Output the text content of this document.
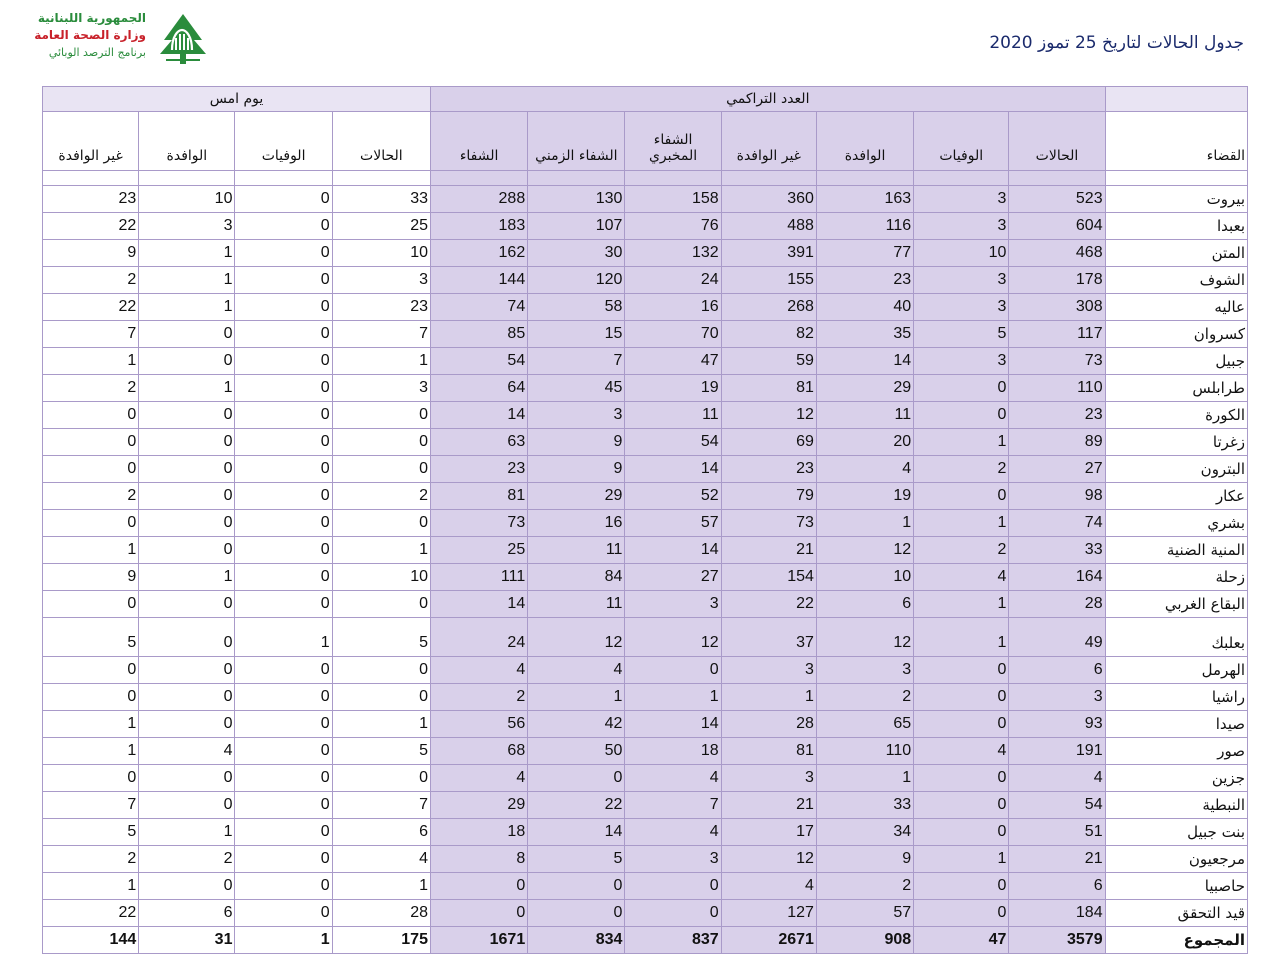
الجمهورية اللبنانية
وزارة الصحة العامة
برنامج الترصد الوبائي	جدول الحالات لتاريخ 25 تموز 2020
يوم امس				العدد التراكمي							
غير الوافدة	الوافدة	الوفيات	الحالات	الشفاء	الشفاء الزمني	الشفاء
المخبري	غير الوافدة	الوافدة	الوفيات	الحالات	القضاء

23	10	0	33	288	130	158	360	163	3	523	بيروت
22	3	0	25	183	107	76	488	116	3	604	بعبدا
9	1	0	10	162	30	132	391	77	10	468	المتن
2	1	0	3	144	120	24	155	23	3	178	الشوف
22	1	0	23	74	58	16	268	40	3	308	عاليه
7	0	0	7	85	15	70	82	35	5	117	كسروان
1	0	0	1	54	7	47	59	14	3	73	جبيل
2	1	0	3	64	45	19	81	29	0	110	طرابلس
0	0	0	0	14	3	11	12	11	0	23	الكورة
0	0	0	0	63	9	54	69	20	1	89	زغرتا
0	0	0	0	23	9	14	23	4	2	27	البترون
2	0	0	2	81	29	52	79	19	0	98	عكار
0	0	0	0	73	16	57	73	1	1	74	بشري
1	0	0	1	25	11	14	21	12	2	33	المنية الضنية
9	1	0	10	111	84	27	154	10	4	164	زحلة
0	0	0	0	14	11	3	22	6	1	28	البقاع الغربي
5	0	1	5	24	12	12	37	12	1	49	بعلبك
0	0	0	0	4	4	0	3	3	0	6	الهرمل
0	0	0	0	2	1	1	1	2	0	3	راشيا
1	0	0	1	56	42	14	28	65	0	93	صيدا
1	4	0	5	68	50	18	81	110	4	191	صور
0	0	0	0	4	0	4	3	1	0	4	جزين
7	0	0	7	29	22	7	21	33	0	54	النبطية
5	1	0	6	18	14	4	17	34	0	51	بنت جبيل
2	2	0	4	8	5	3	12	9	1	21	مرجعيون
1	0	0	1	0	0	0	4	2	0	6	حاصبيا
22	6	0	28	0	0	0	127	57	0	184	قيد التحقق
144	31	1	175	1671	834	837	2671	908	47	3579	المجموع
